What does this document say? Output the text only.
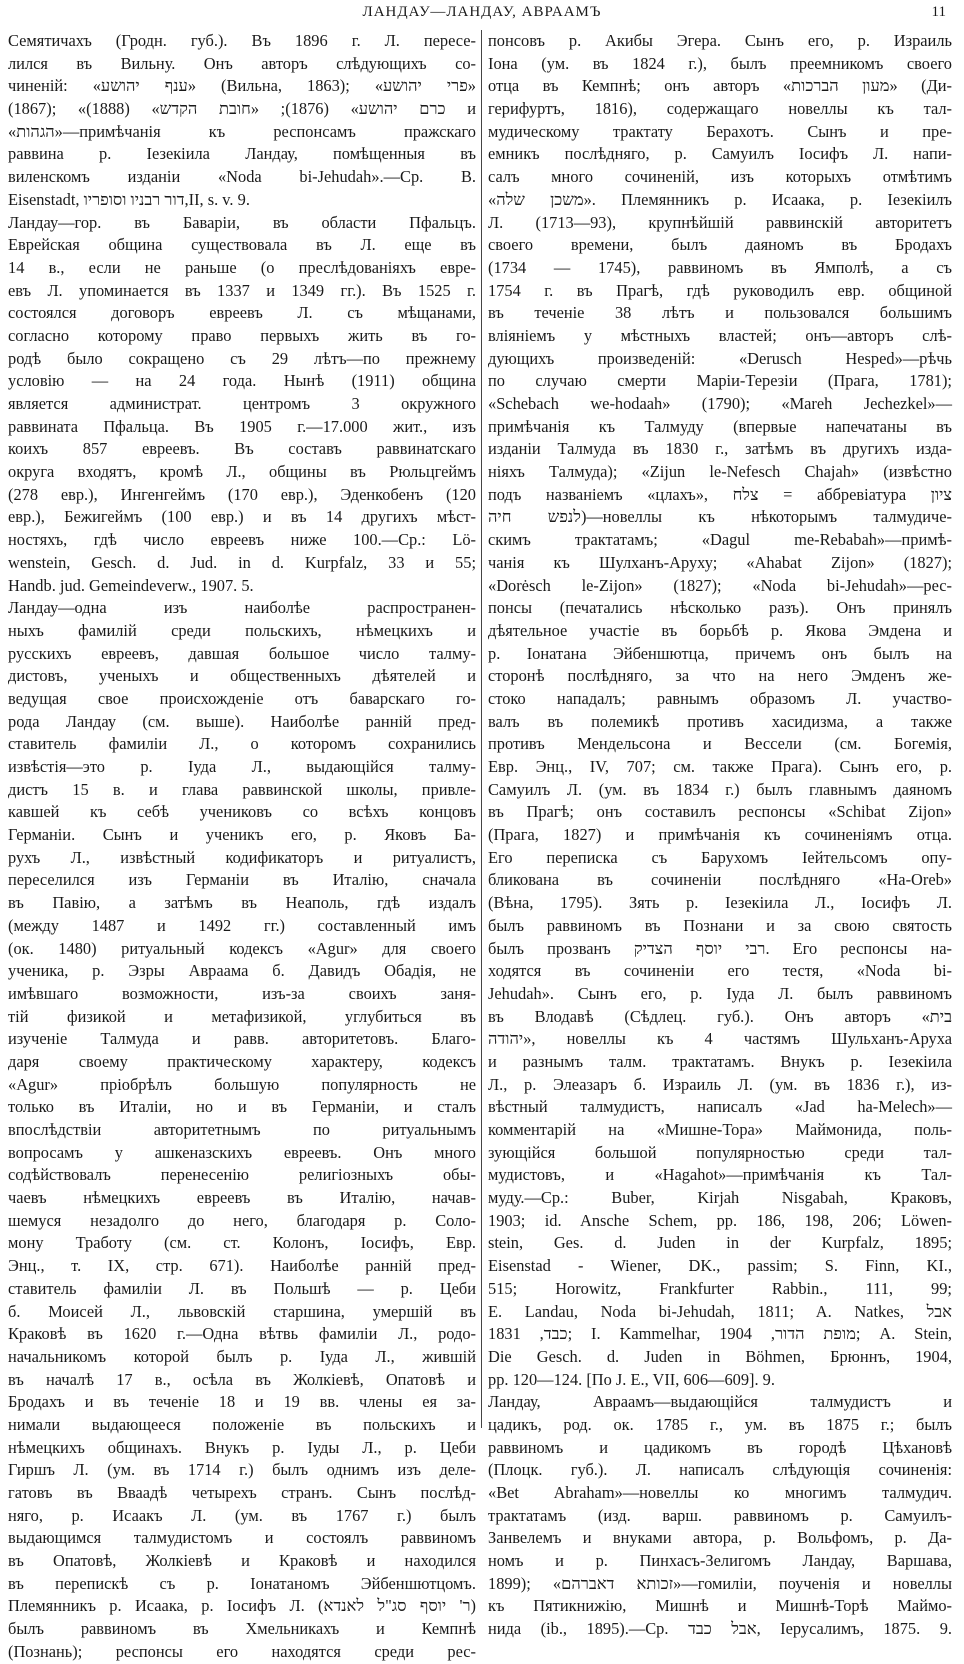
ЛАНДАУ—ЛАНДАУ, АВРААМЪ	11
Семятичахъ (Гродн. губ.). Въ 1896 г. Л. пересе-
лился въ Вильну. Онъ авторъ слѣдующихъ со-
чиненій: «ענף יהושע» (Вильна, 1863); «פרי יהושע»
(1867); «כרם יהושע» (1876); «חובת הקדש» (1888) и
«הגהות»—примѣчанія къ респонсамъ пражскаго
раввина р. Іезекіила Ландау, помѣщенныя въ
виленскомъ изданіи «Noda bi-Jehudah».—Ср. B.
Eisenstadt, דור רבניו וסופריו,II, s. v. 9.
Ландау—гор. въ Баваріи, въ области Пфальцъ.
Еврейская община существовала въ Л. еще въ
14 в., если не раньше (о преслѣдованіяхъ евре-
евъ Л. упоминается въ 1337 и 1349 гг.). Въ 1525 г.
состоялся договоръ евреевъ Л. съ мѣщанами,
согласно которому право первыхъ жить въ го-
родѣ было сокращено съ 29 лѣтъ—по прежнему
условію — на 24 года. Нынѣ (1911) община
является администрат. центромъ 3 окружного
раввината Пфальца. Въ 1905 г.—17.000 жит., изъ
коихъ 857 евреевъ. Въ составъ раввинатскаго
округа входятъ, кромѣ Л., общины въ Рюльцгеймъ
(278 евр.), Ингенгеймъ (170 евр.), Эденкобенъ (120
евр.), Бежигеймъ (100 евр.) и въ 14 другихъ мѣст-
ностяхъ, гдѣ число евреевъ ниже 100.—Ср.: Lö-
wenstein, Gesch. d. Jud. in d. Kurpfalz, 33 и 55;
Handb. jud. Gemeindeverw., 1907. 5.
Ландау—одна изъ наиболѣе распространен-
ныхъ фамилій среди польскихъ, нѣмецкихъ и
русскихъ евреевъ, давшая большое число талму-
дистовъ, ученыхъ и общественныхъ дѣятелей и
ведущая свое происхожденіе отъ баварскаго го-
рода Ландау (см. выше). Наиболѣе ранній пред-
ставитель фамиліи Л., о которомъ сохранились
извѣстія—это р. Іуда Л., выдающійся талму-
дистъ 15 в. и глава раввинской школы, привле-
кавшей къ себѣ учениковъ со всѣхъ концовъ
Германіи. Сынъ и ученикъ его, р. Яковъ Ба-
рухъ Л., извѣстный кодификаторъ и ритуалистъ,
переселился изъ Германіи въ Италію, сначала
въ Павію, а затѣмъ въ Неаполь, гдѣ издалъ
(между 1487 и 1492 гг.) составленный имъ
(ок. 1480) ритуальный кодексъ «Agur» для своего
ученика, р. Эзры Авраама б. Давидъ Обадія, не
имѣвшаго возможности, изъ-за своихъ заня-
тій физикой и метафизикой, углубиться въ
изученіе Талмуда и равв. авторитетовъ. Благо-
даря своему практическому характеру, кодексъ
«Agur» пріобрѣлъ большую популярность не
только въ Италіи, но и въ Германіи, и сталъ
впослѣдствіи авторитетнымъ по ритуальнымъ
вопросамъ у ашкеназскихъ евреевъ. Онъ много
содѣйствовалъ перенесенію религіозныхъ обы-
чаевъ нѣмецкихъ евреевъ въ Италію, начав-
шемуся незадолго до него, благодаря р. Соло-
мону Тработу (см. ст. Колонъ, Іосифъ, Евр.
Энц., т. IX, стр. 671). Наиболѣе ранній пред-
ставитель фамиліи Л. въ Польшѣ — р. Цеби
б. Моисей Л., львовскій старшина, умершій въ
Краковѣ въ 1620 г.—Одна вѣтвь фамиліи Л., родо-
начальникомъ которой былъ р. Іуда Л., жившій
въ началѣ 17 в., осѣла въ Жолкіевѣ, Опатовѣ и
Бродахъ и въ теченіе 18 и 19 вв. члены ея за-
нимали выдающееся положеніе въ польскихъ и
нѣмецкихъ общинахъ. Внукъ р. Іуды Л., р. Цеби
Гиршъ Л. (ум. въ 1714 г.) былъ однимъ изъ деле-
гатовъ въ Вваадѣ четырехъ странъ. Сынъ послѣд-
няго, р. Исаакъ Л. (ум. въ 1767 г.) былъ
выдающимся талмудистомъ и состоялъ раввиномъ
въ Опатовѣ, Жолкіевѣ и Краковѣ и находился
въ перепискѣ съ р. Іонатаномъ Эйбеншютцомъ.
Племянникъ р. Исаака, р. Іосифъ Л. (ר' יוסף סג"ל לאנדא)
былъ раввиномъ въ Хмельникахъ и Кемпнѣ
(Познань); респонсы его находятся среди рес-
понсовъ р. Акибы Эгера. Сынъ его, р. Израиль
Іона (ум. въ 1824 г.), былъ преемникомъ своего
отца въ Кемпнѣ; онъ авторъ «מעון הברכות» (Ди-
герифуртъ, 1816), содержащаго новеллы къ тал-
мудическому трактату Берахотъ. Сынъ и пре-
емникъ послѣдняго, р. Самуилъ Іосифъ Л. напи-
салъ много сочиненій, изъ которыхъ отмѣтимъ
«משכן שלה». Племянникъ р. Исаака, р. Іезекіилъ
Л. (1713—93), крупнѣйшій раввинскій авторитетъ
своего времени, былъ даяномъ въ Бродахъ
(1734 — 1745), раввиномъ въ Ямполѣ, а съ
1754 г. въ Прагѣ, гдѣ руководилъ евр. общиной
въ теченіе 38 лѣтъ и пользовался большимъ
вліяніемъ у мѣстныхъ властей; онъ—авторъ слѣ-
дующихъ произведеній: «Derusch Hesped»—рѣчь
по случаю смерти Маріи-Терезіи (Прага, 1781);
«Schebach we-hodaah» (1790); «Mareh Jechezkel»—
примѣчанія къ Талмуду (впервые напечатаны въ
изданіи Талмуда въ 1830 г., затѣмъ въ другихъ изда-
ніяхъ Талмуда); «Zijun le-Nefesch Chajah» (извѣстно
подъ названіемъ «цлахъ», צלח = аббревіатура ציון
לנפש חיה)—новеллы къ нѣкоторымъ талмудиче-
скимъ трактатамъ; «Dagul me-Rebabah»—примѣ-
чанія къ Шулханъ-Аруху; «Ahabat Zijon» (1827);
«Dorėsch le-Zijon» (1827); «Noda bi-Jehudah»—рес-
понсы (печатались нѣсколько разъ). Онъ принялъ
дѣятельное участіе въ борьбѣ р. Якова Эмдена и
р. Іонатана Эйбеншютца, причемъ онъ былъ на
сторонѣ послѣдняго, за что на него Эмденъ же-
стоко нападалъ; равнымъ образомъ Л. участво-
валъ въ полемикѣ противъ хасидизма, а также
противъ Мендельсона и Вессели (см. Богемія,
Евр. Энц., IV, 707; см. также Прага). Сынъ его, р.
Самуилъ Л. (ум. въ 1834 г.) былъ главнымъ даяномъ
въ Прагѣ; онъ составилъ респонсы «Schibat Zijon»
(Прага, 1827) и примѣчанія къ сочиненіямъ отца.
Его переписка съ Барухомъ Іейтельсомъ опу-
бликована въ сочиненіи послѣдняго «Ha-Oreb»
(Вѣна, 1795). Зять р. Іезекіила Л., Іосифъ Л.
былъ раввиномъ въ Познани и за свою святость
былъ прозванъ רבי יוסף הצדיק. Его респонсы на-
ходятся въ сочиненіи его тестя, «Noda bi-
Jehudah». Сынъ его, р. Іуда Л. былъ раввиномъ
въ Влодавѣ (Сѣдлец. губ.). Онъ авторъ «בית
יהודה», новеллы къ 4 частямъ Шульханъ-Аруха
и разнымъ талм. трактатамъ. Внукъ р. Іезекіила
Л., р. Элеазаръ б. Израиль Л. (ум. въ 1836 г.), из-
вѣстный талмудистъ, написалъ «Jad ha-Melech»—
комментарій на «Мишне-Тора» Маймонида, поль-
зующійся большой популярностью среди тал-
мудистовъ, и «Hagahot»—примѣчанія къ Тал-
муду.—Ср.: Buber, Kirjah Nisgabah, Краковъ,
1903; id. Ansche Schem, pp. 186, 198, 206; Löwen-
stein, Ges. d. Juden in der Kurpfalz, 1895;
Eisenstad - Wiener, DK., passim; S. Finn, KI.,
515; Horowitz, Frankfurter Rabbin., 111, 99;
E. Landau, Noda bi-Jehudah, 1811; A. Natkes, אבל
כבד, 1831; I. Kammelhar, מופת הדור, 1904; A. Stein,
Die Gesch. d. Juden in Böhmen, Брюннъ, 1904,
pp. 120—124. [По J. E., VII, 606—609]. 9.
Ландау, Авраамъ—выдающійся талмудистъ и
цадикъ, род. ок. 1785 г., ум. въ 1875 г.; былъ
раввиномъ и цадикомъ въ городѣ Цѣхановѣ
(Плоцк. губ.). Л. написалъ слѣдующія сочиненія:
«Bet Abraham»—новеллы ко многимъ талмудич.
трактатамъ (изд. варш. раввиномъ р. Самуилъ-
Занвелемъ и внуками автора, р. Вольфомъ, р. Да-
номъ и р. Пинхасъ-Зелигомъ Ландау, Варшава,
1899); «זכותא דאברהם»—гомиліи, поученія и новеллы
къ Пятикнижію, Мишнѣ и Мишнѣ-Торѣ Маймо-
нида (ib., 1895).—Ср. אבל כבד, Іерусалимъ, 1875. 9.
